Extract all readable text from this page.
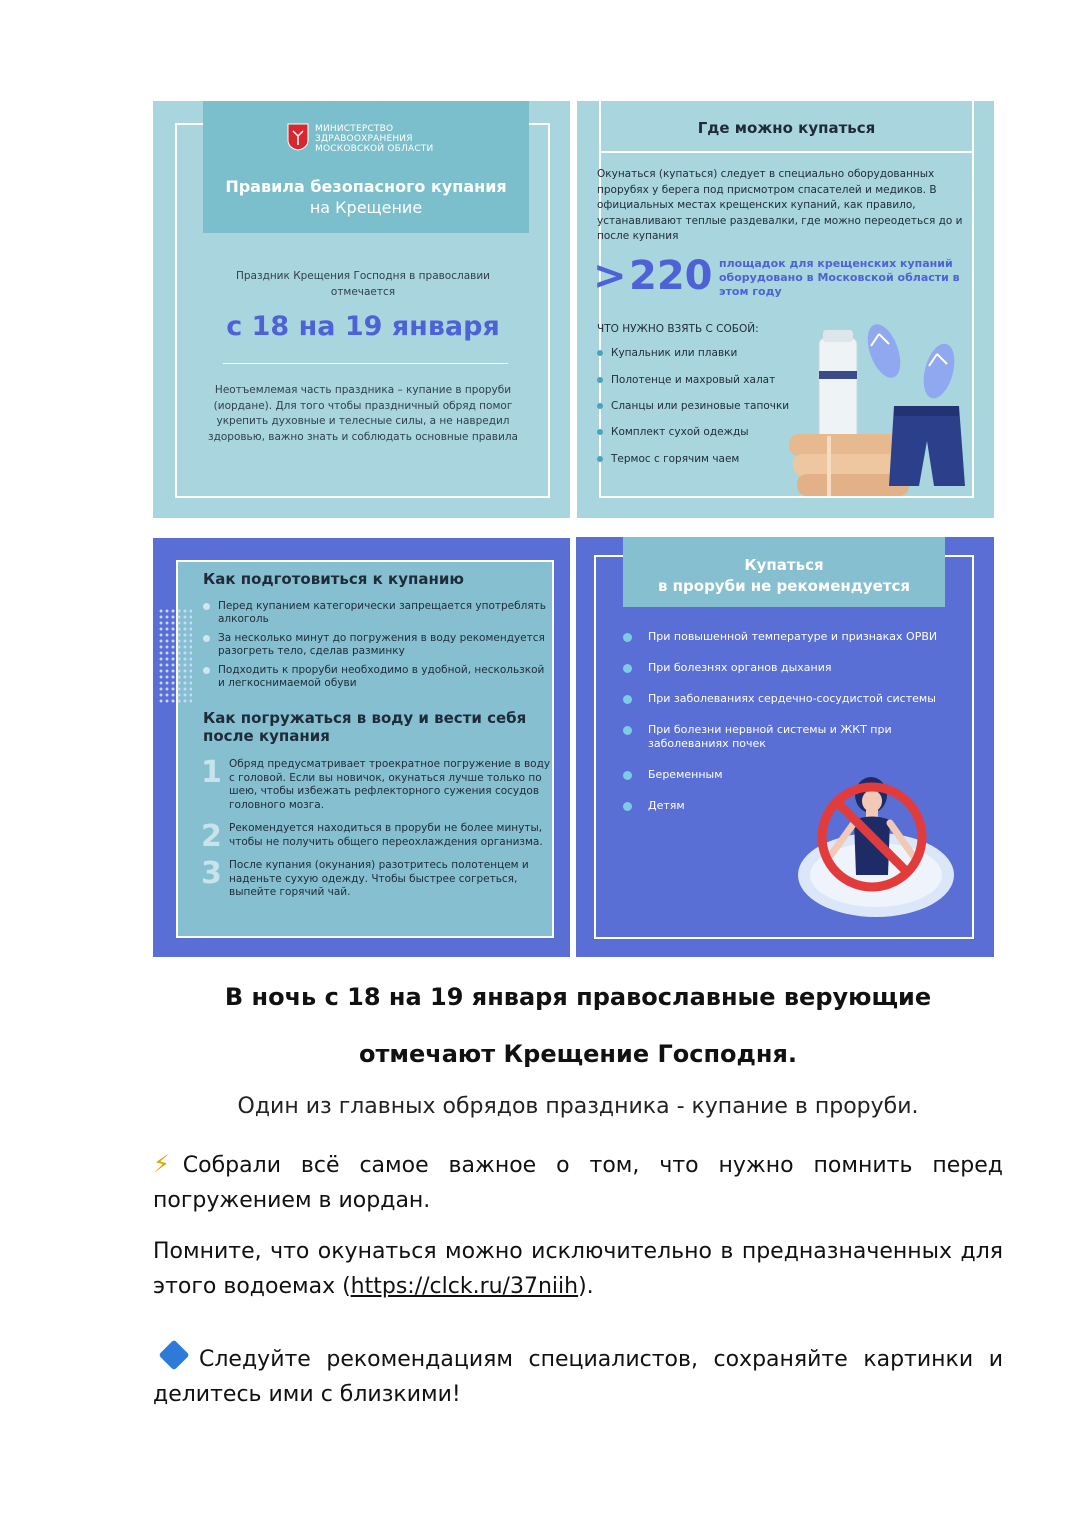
МИНИСТЕРСТВО
ЗДРАВООХРАНЕНИЯ
МОСКОВСКОЙ ОБЛАСТИ
Правила безопасного купания
на Крещение
Праздник Крещения Господня в православии отмечается
с 18 на 19 января
Неотъемлемая часть праздника – купание в проруби (иордане). Для того чтобы праздничный обряд помог укрепить духовные и телесные силы, а не навредил здоровью, важно знать и соблюдать основные правила
Где можно купаться
Окунаться (купаться) следует в специально оборудованных прорубях у берега под присмотром спасателей и медиков. В официальных местах крещенских купаний, как правило, устанавливают теплые раздевалки, где можно переодеться до и после купания
> 220 площадок для крещенских купаний оборудовано в Московской области в этом году
ЧТО НУЖНО ВЗЯТЬ С СОБОЙ:
Купальник или плавки
Полотенце и махровый халат
Сланцы или резиновые тапочки
Комплект сухой одежды
Термос с горячим чаем
Как подготовиться к купанию
Перед купанием категорически запрещается употреблять алкоголь
За несколько минут до погружения в воду рекомендуется разогреть тело, сделав разминку
Подходить к проруби необходимо в удобной, нескользкой и легкоснимаемой обуви
Как погружаться в воду и вести себя после купания
1 Обряд предусматривает троекратное погружение в воду с головой. Если вы новичок, окунаться лучше только по шею, чтобы избежать рефлекторного сужения сосудов головного мозга.
2 Рекомендуется находиться в проруби не более минуты, чтобы не получить общего переохлаждения организма.
3 После купания (окунания) разотритесь полотенцем и наденьте сухую одежду. Чтобы быстрее согреться, выпейте горячий чай.
Купаться
в проруби не рекомендуется
При повышенной температуре и признаках ОРВИ
При болезнях органов дыхания
При заболеваниях сердечно-сосудистой системы
При болезни нервной системы и ЖКТ при заболеваниях почек
Беременным
Детям
В ночь с 18 на 19 января православные верующие
отмечают Крещение Господня.
Один из главных обрядов праздника - купание в проруби.
⚡Собрали всё самое важное о том, что нужно помнить перед погружением в иордан.
Помните, что окунаться можно исключительно в предназначенных для этого водоемах (https://clck.ru/37niih).
Следуйте рекомендациям специалистов, сохраняйте картинки и делитесь ими с близкими!
